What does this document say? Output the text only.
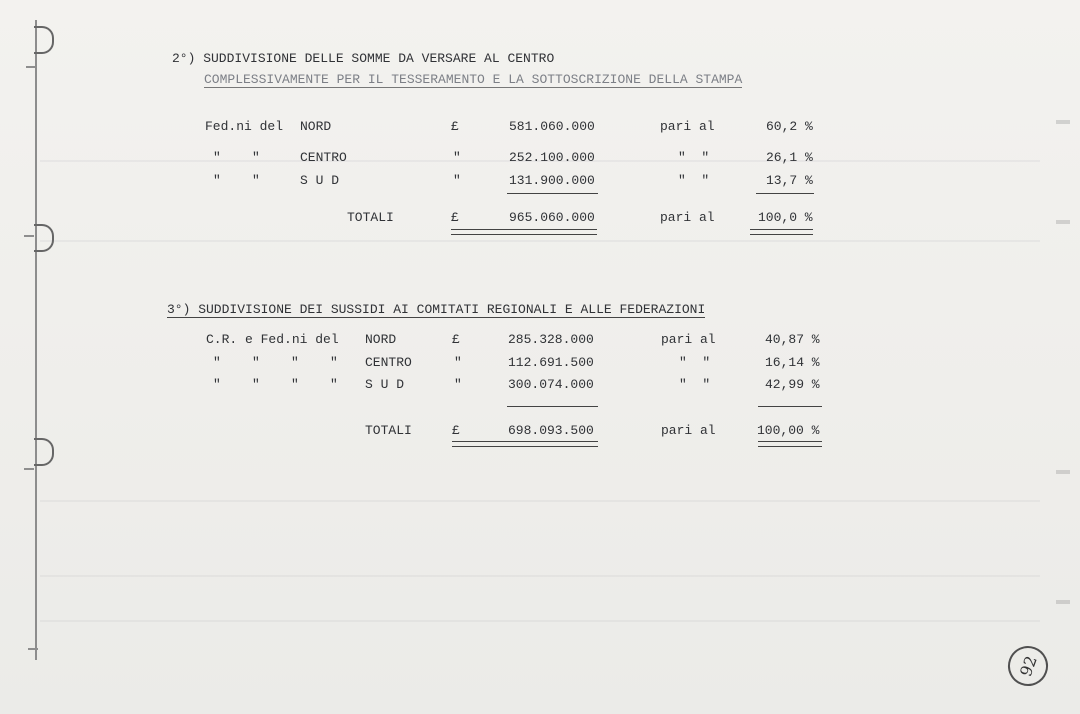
2°) SUDDIVISIONE DELLE SOMME DA VERSARE AL CENTRO
COMPLESSIVAMENTE PER IL TESSERAMENTO E LA SOTTOSCRIZIONE DELLA STAMPA
Fed.ni del NORD	£	581.060.000	pari al	60,2 %
"    "	CENTRO	"	252.100.000	"  "	26,1 %
"    "	S U D	"	131.900.000	"  "	13,7 %
TOTALI	£	965.060.000	pari al	100,0 %
3°) SUDDIVISIONE DEI SUSSIDI AI COMITATI REGIONALI E ALLE FEDERAZIONI
C.R. e Fed.ni del NORD	£	285.328.000	pari al	40,87 %
"    "    "    " CENTRO	"	112.691.500	"  "	16,14 %
"    "    "    " S U D	"	300.074.000	"  "	42,99 %
TOTALI	£	698.093.500	pari al	100,00 %
92
